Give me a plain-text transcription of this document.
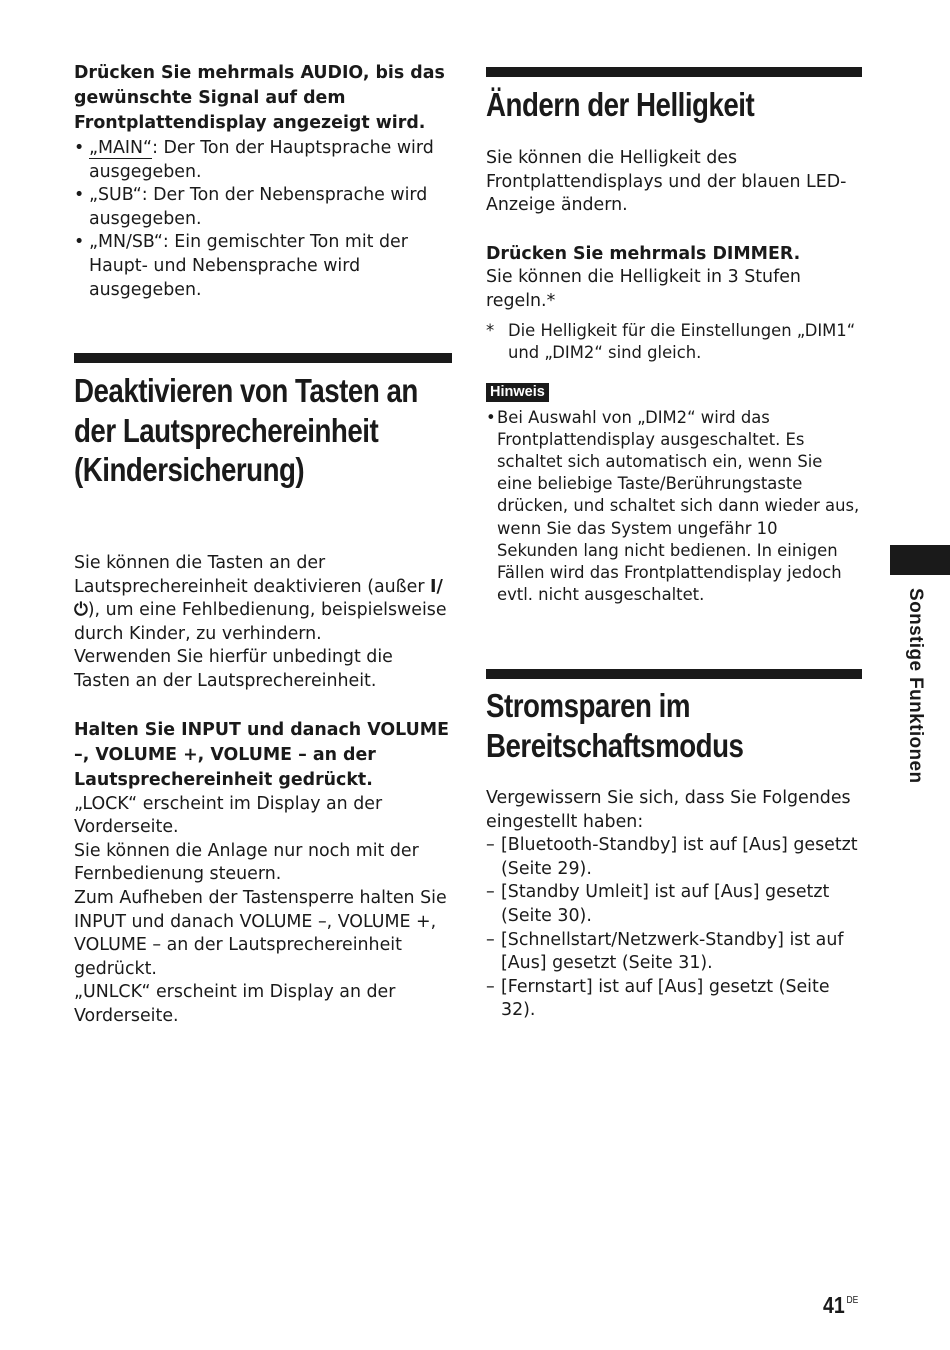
Drücken Sie mehrmals AUDIO, bis das gewünschte Signal auf dem Frontplattendisplay angezeigt wird.

• „MAIN“: Der Ton der Hauptsprache wird ausgegeben.
• „SUB“: Der Ton der Nebensprache wird ausgegeben.
• „MN/SB“: Ein gemischter Ton mit der Haupt- und Nebensprache wird ausgegeben.
Deaktivieren von Tasten an der Lautsprechereinheit (Kindersicherung)

Sie können die Tasten an der Lautsprechereinheit deaktivieren (außer I/⏻), um eine Fehlbedienung, beispielsweise durch Kinder, zu verhindern.

Verwenden Sie hierfür unbedingt die Tasten an der Lautsprechereinheit.

Halten Sie INPUT und danach VOLUME –, VOLUME +, VOLUME – an der Lautsprechereinheit gedrückt.

„LOCK“ erscheint im Display an der Vorderseite.

Sie können die Anlage nur noch mit der Fernbedienung steuern.

Zum Aufheben der Tastensperre halten Sie INPUT und danach VOLUME –, VOLUME +, VOLUME – an der Lautsprechereinheit gedrückt.

„UNLCK“ erscheint im Display an der Vorderseite.

Ändern der Helligkeit

Sie können die Helligkeit des Frontplattendisplays und der blauen LED-Anzeige ändern.

Drücken Sie mehrmals DIMMER.

Sie können die Helligkeit in 3 Stufen regeln.*

* Die Helligkeit für die Einstellungen „DIM1“ und „DIM2“ sind gleich.

Hinweis

• Bei Auswahl von „DIM2“ wird das Frontplattendisplay ausgeschaltet. Es schaltet sich automatisch ein, wenn Sie eine beliebige Taste/Berührungstaste drücken, und schaltet sich dann wieder aus, wenn Sie das System ungefähr 10 Sekunden lang nicht bedienen. In einigen Fällen wird das Frontplattendisplay jedoch evtl. nicht ausgeschaltet.

Stromsparen im Bereitschaftsmodus

Vergewissern Sie sich, dass Sie Folgendes eingestellt haben:

– [Bluetooth-Standby] ist auf [Aus] gesetzt (Seite 29).
– [Standby Umleit] ist auf [Aus] gesetzt (Seite 30).
– [Schnellstart/Netzwerk-Standby] ist auf [Aus] gesetzt (Seite 31).
– [Fernstart] ist auf [Aus] gesetzt (Seite 32).
Sonstige Funktionen
41 $^{DE}$
